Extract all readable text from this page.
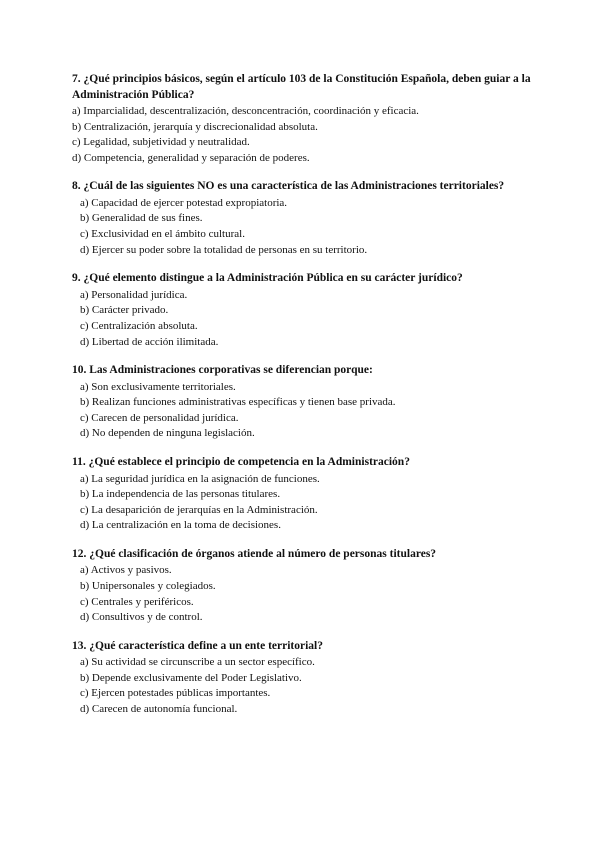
7. ¿Qué principios básicos, según el artículo 103 de la Constitución Española, deben guiar a la Administración Pública?
a) Imparcialidad, descentralización, desconcentración, coordinación y eficacia.
b) Centralización, jerarquía y discrecionalidad absoluta.
c) Legalidad, subjetividad y neutralidad.
d) Competencia, generalidad y separación de poderes.
8. ¿Cuál de las siguientes NO es una característica de las Administraciones territoriales?
a) Capacidad de ejercer potestad expropiatoria.
b) Generalidad de sus fines.
c) Exclusividad en el ámbito cultural.
d) Ejercer su poder sobre la totalidad de personas en su territorio.
9. ¿Qué elemento distingue a la Administración Pública en su carácter jurídico?
a) Personalidad jurídica.
b) Carácter privado.
c) Centralización absoluta.
d) Libertad de acción ilimitada.
10. Las Administraciones corporativas se diferencian porque:
a) Son exclusivamente territoriales.
b) Realizan funciones administrativas específicas y tienen base privada.
c) Carecen de personalidad jurídica.
d) No dependen de ninguna legislación.
11. ¿Qué establece el principio de competencia en la Administración?
a) La seguridad jurídica en la asignación de funciones.
b) La independencia de las personas titulares.
c) La desaparición de jerarquías en la Administración.
d) La centralización en la toma de decisiones.
12. ¿Qué clasificación de órganos atiende al número de personas titulares?
a) Activos y pasivos.
b) Unipersonales y colegiados.
c) Centrales y periféricos.
d) Consultivos y de control.
13. ¿Qué característica define a un ente territorial?
a) Su actividad se circunscribe a un sector específico.
b) Depende exclusivamente del Poder Legislativo.
c) Ejercen potestades públicas importantes.
d) Carecen de autonomía funcional.
